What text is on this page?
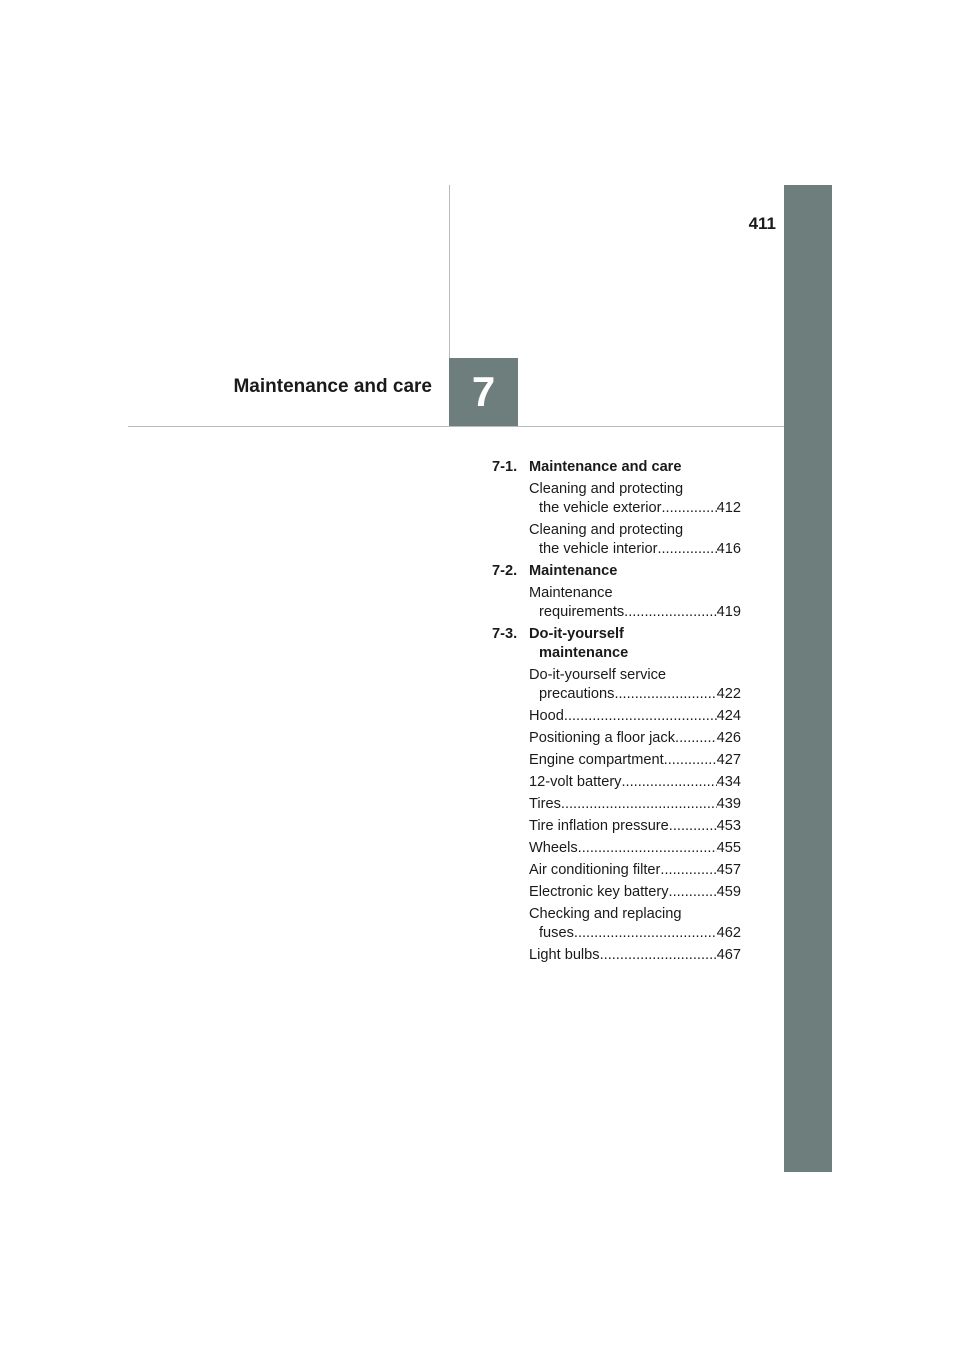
411
Maintenance and care 7
7-1. Maintenance and care
Cleaning and protecting
the vehicle exterior .....	412
Cleaning and protecting
the vehicle interior .....	416
7-2. Maintenance
Maintenance
requirements .....	419
7-3. Do-it-yourself
maintenance
Do-it-yourself service
precautions .....	422
Hood .....	424
Positioning a floor jack .....	426
Engine compartment .....	427
12-volt battery .....	434
Tires .....	439
Tire inflation pressure .....	453
Wheels .....	455
Air conditioning filter .....	457
Electronic key battery .....	459
Checking and replacing
fuses .....	462
Light bulbs .....	467
